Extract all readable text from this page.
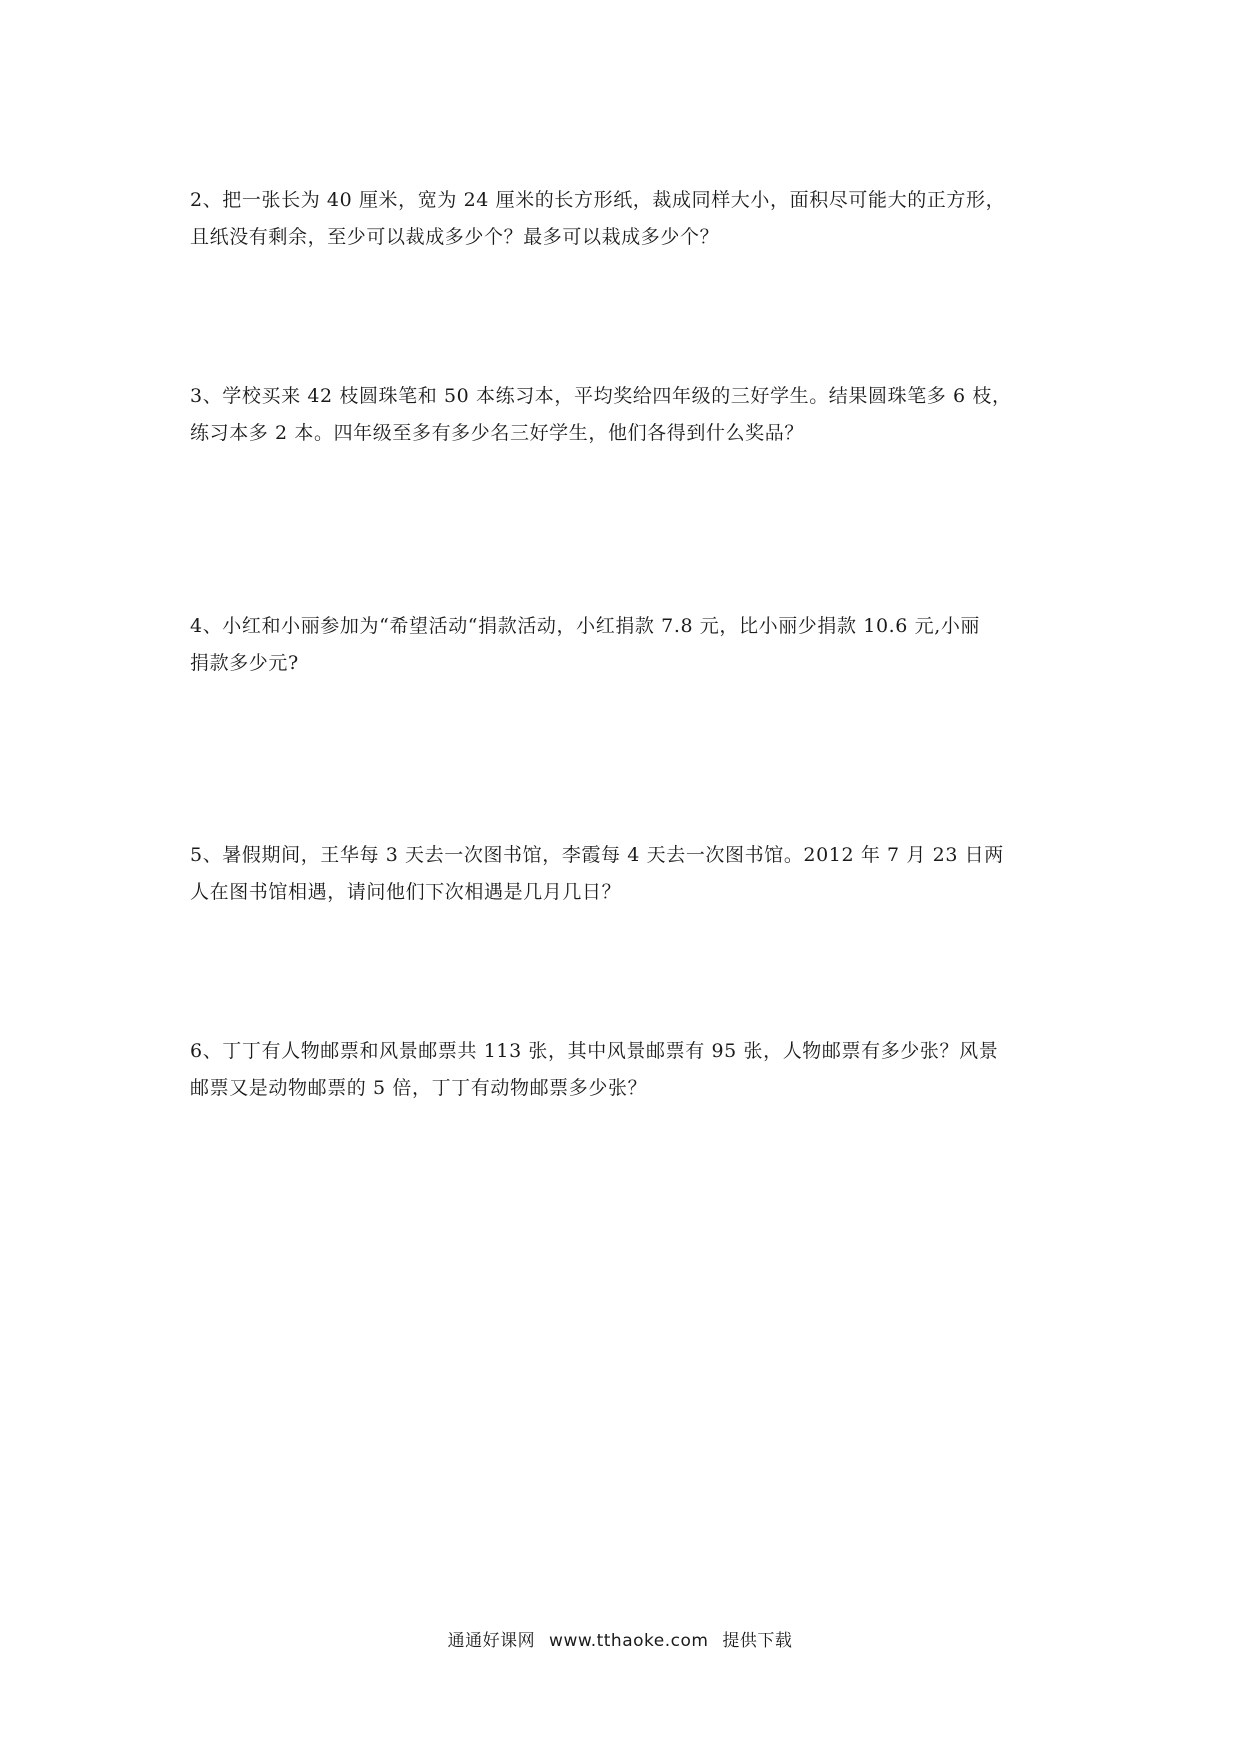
2、把一张长为 40 厘米，宽为 24 厘米的长方形纸，裁成同样大小，面积尽可能大的正方形，
且纸没有剩余，至少可以裁成多少个？最多可以栽成多少个？
3、学校买来 42 枝圆珠笔和 50 本练习本，平均奖给四年级的三好学生。结果圆珠笔多 6 枝，
练习本多 2 本。四年级至多有多少名三好学生，他们各得到什么奖品？
4、小红和小丽参加为“希望活动“捐款活动，小红捐款 7.8 元，比小丽少捐款 10.6 元,小丽
捐款多少元?
5、暑假期间，王华每 3 天去一次图书馆，李霞每 4 天去一次图书馆。2012 年 7 月 23 日两
人在图书馆相遇，请问他们下次相遇是几月几日？
6、丁丁有人物邮票和风景邮票共 113 张，其中风景邮票有 95 张，人物邮票有多少张？风景
邮票又是动物邮票的 5 倍，丁丁有动物邮票多少张？
通通好课网 www.tthaoke.com 提供下载
